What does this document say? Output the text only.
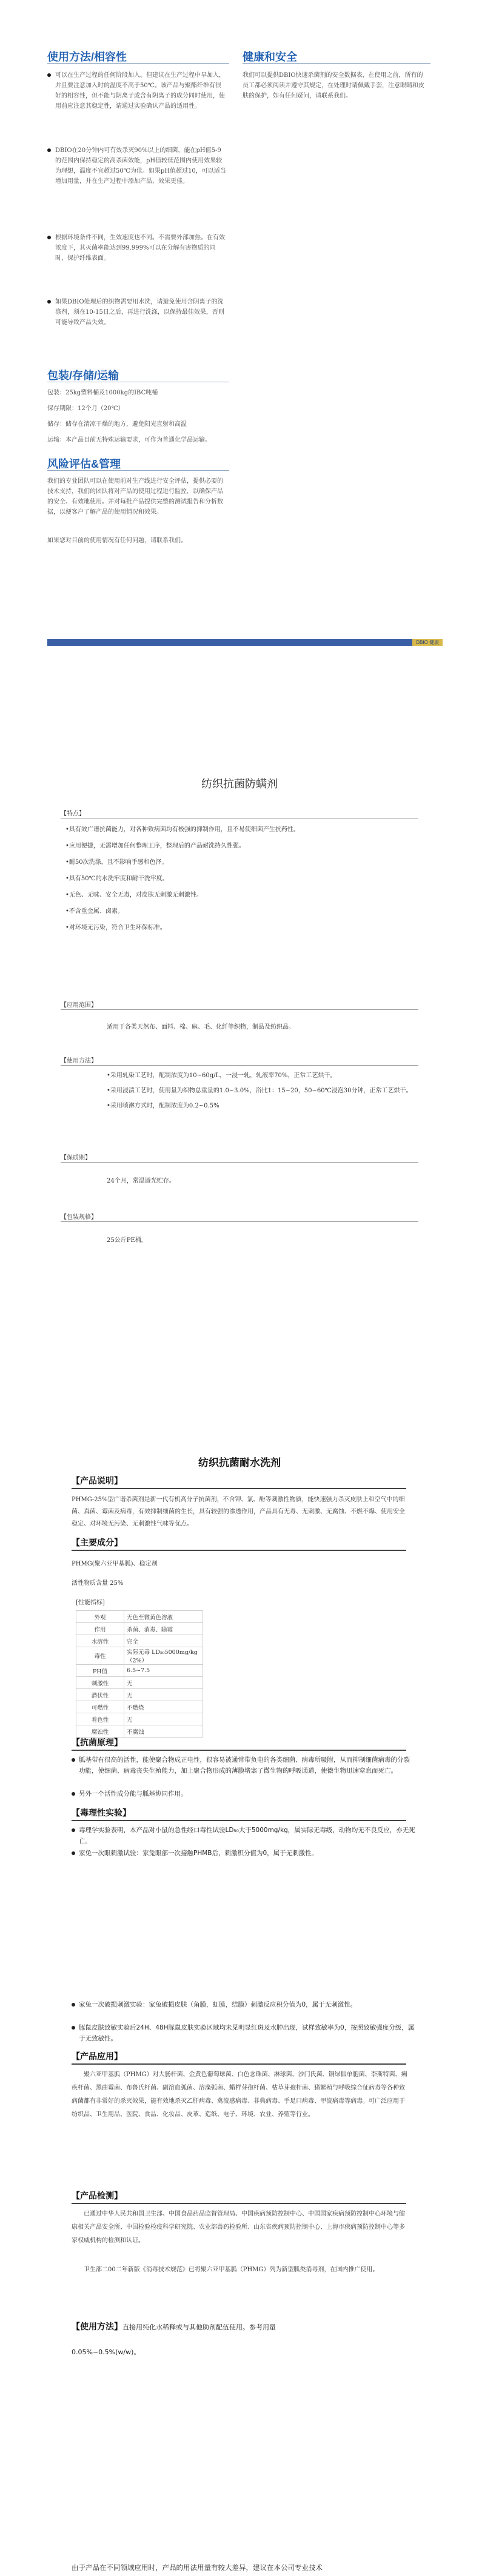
使用方法/相容性
可以在生产过程的任何阶段加入。但建议在生产过程中早加入，并且要注意加入时的温度不高于50℃。该产品与聚酯纤维有很好的相容性，但不能与阴离子或含有阴离子的成分同时使用，使用前应注意其稳定性，请通过实验确认产品的适用性。
DBIO在20分钟内可有效杀灭90%以上的细菌，能在pH值5-9的范围内保持稳定的高杀菌效能，pH值较低范围内使用效果较为理想，温度不宜超过50℃为佳。如果pH值超过10，可以适当增加用量，并在生产过程中添加产品，效果更佳。
根据环境条件不同，生效速度也不同。不需要外部加热。在有效浓度下，其灭菌率能达到99.999%可以在分解有害物质的同时，保护纤维表面。
如果DBIO处理后的织物需要用水洗，请避免使用含阴离子的洗涤剂，须在10-15日之后，再进行洗涤，以保持最佳效果，否则可能导致产品失效。
健康和安全
我们可以提供DBIO快速杀菌剂的安全数据表，在使用之前，所有的员工都必须阅读并遵守其规定，在处理时请佩戴手套，注意眼睛和皮肤的保护，如有任何疑问，请联系我们。
包装/存储/运输
包装：25kg塑料桶及1000kg的IBC吨桶
保存期限：12个月（20℃）
储存：储存在清凉干燥的地方，避免阳光直射和高温
运输：本产品目前无特殊运输要求，可作为普通化学品运输。
风险评估&管理
我们的专业团队可以在使用前对生产线进行安全评估，提供必要的技术支持，我们的团队将对产品的使用过程进行监控，以确保产品的安全、有效地使用。并对每批产品提供完整的测试报告和分析数据，以便客户了解产品的使用情况和效果。
如果您对目前的使用情况有任何问题，请联系我们。
DBIO 健康
纺织抗菌防螨剂
【特点】
•具有效广谱抗菌能力，对各种致病菌均有极强的抑制作用，且不易使细菌产生抗药性。
•应用便捷，无需增加任何整理工序，整理后的产品耐洗持久性强。
•耐50次洗涤，且不影响手感和色泽。
•具有50℃的水洗牢度和耐干洗牢度。
•无色、无味、安全无毒，对皮肤无刺激无刺激性。
•不含重金属、卤素。
•对环境无污染，符合卫生环保标准。
【应用范围】
适用于各类天然布、面料、棉、麻、毛、化纤等织物，制品及纺织品。
【使用方法】
•采用轧染工艺时，配制浓度为10~60g/L，一浸一轧，轧液率70%，正常工艺烘干。
•采用浸渍工艺时，使用量为织物总重量的1.0~3.0%，浴比1：15~20，50~60℃浸泡30分钟，正常工艺烘干。
•采用喷淋方式时，配制浓度为0.2~0.5%
【保质期】
24个月，常温避光贮存。
【包装规格】
25公斤PE桶。
纺织抗菌耐水洗剂
【产品说明】
PHMG-25%型广谱杀菌剂是新一代有机高分子抗菌剂，不含钾、氯、酚等刺激性物质，能快速强力杀灭皮肤上和空气中的细菌、真菌、霉菌及病毒，有效抑制细菌的生长，具有较强的渗透作用，产品具有无毒、无刺激、无腐蚀、不燃不爆、使用安全稳定、对环境无污染、无刺激性气味等优点。
【主要成分】
PHMG(聚六亚甲基胍)、稳定剂
活性物质含量 25%
[性能指标]
外观	无色至微黄色溶液
作用	杀菌、消毒、除霉
水溶性	完全
毒性	实际无毒 LD₅₀5000mg/kg（2%）
PH值	6.5~7.5
刺激性	无
潜伏性	无
可燃性	不燃烧
着色性	无
腐蚀性	不腐蚀
【抗菌原理】
胍基带有很高的活性，能使聚合物成正电性，很容易被通常带负电的各类细菌、病毒所吸附，从而抑制细菌病毒的分裂功能，使细菌、病毒丧失生殖能力，加上聚合物形成的薄膜堵塞了微生物的呼吸通道，使微生物迅速窒息而死亡。
另外一个活性成分能与胍基协同作用。
【毒理性实验】
毒理学实验表明，本产品对小鼠的急性经口毒性试验LD₅₀大于5000mg/kg，属实际无毒级，动物均无不良反应，亦无死亡。
家兔一次眼刺激试验：家兔眼部一次接触PHMB后，刺激积分值为0，属于无刺激性。
家兔一次破损刺激实验：家兔破损皮肤（角膜，虹膜，结膜）刺激反应积分值为0，属于无刺激性。
豚鼠皮肤致敏实验后24H、48H豚鼠皮肤实验区域均未见明显红斑及水肿出现，试样致敏率为0，按照致敏强度分级，属于无致敏性。
【产品应用】
聚六亚甲基胍（PHMG）对大肠杆菌、金黄色葡萄球菌、白色念珠菌、淋球菌、沙门氏菌、铜绿假单胞菌、李斯特菌、痢疾杆菌、黑曲霉菌、布鲁氏杆菌、副溶血弧菌、溶藻弧菌、蜡样芽孢杆菌、枯草芽孢杆菌、猪繁殖与呼吸综合征病毒等各种致病菌都有非常好的杀灭效果，能有效地杀灭乙肝病毒、禽流感病毒、非典病毒、手足口病毒、甲流病毒等病毒。可广泛应用于纺织品、卫生用品、医院、食品、化妆品、皮革、造纸、电子、环境、农业、养殖等行业。
【产品检测】
已通过中华人民共和国卫生部、中国食品药品监督管理局、中国疾病预防控制中心、中国国家疾病预防控制中心环境与健康相关产品安全所、中国检验检疫科学研究院、农业部兽药检验所、山东省疾病预防控制中心、上海市疾病预防控制中心等多家权威机构的检测和认证。
卫生部二00二年新版《消毒技术规范》已将聚六亚甲基胍（PHMG）列为新型胍类消毒剂，在国内推广使用。
【使用方法】直接用纯化水稀释或与其他助剂配伍使用。参考用量
0.05%~0.5%(w/w)。
由于产品在不同领域应用时，产品的用法用量有较大差异，建议在本公司专业技术
